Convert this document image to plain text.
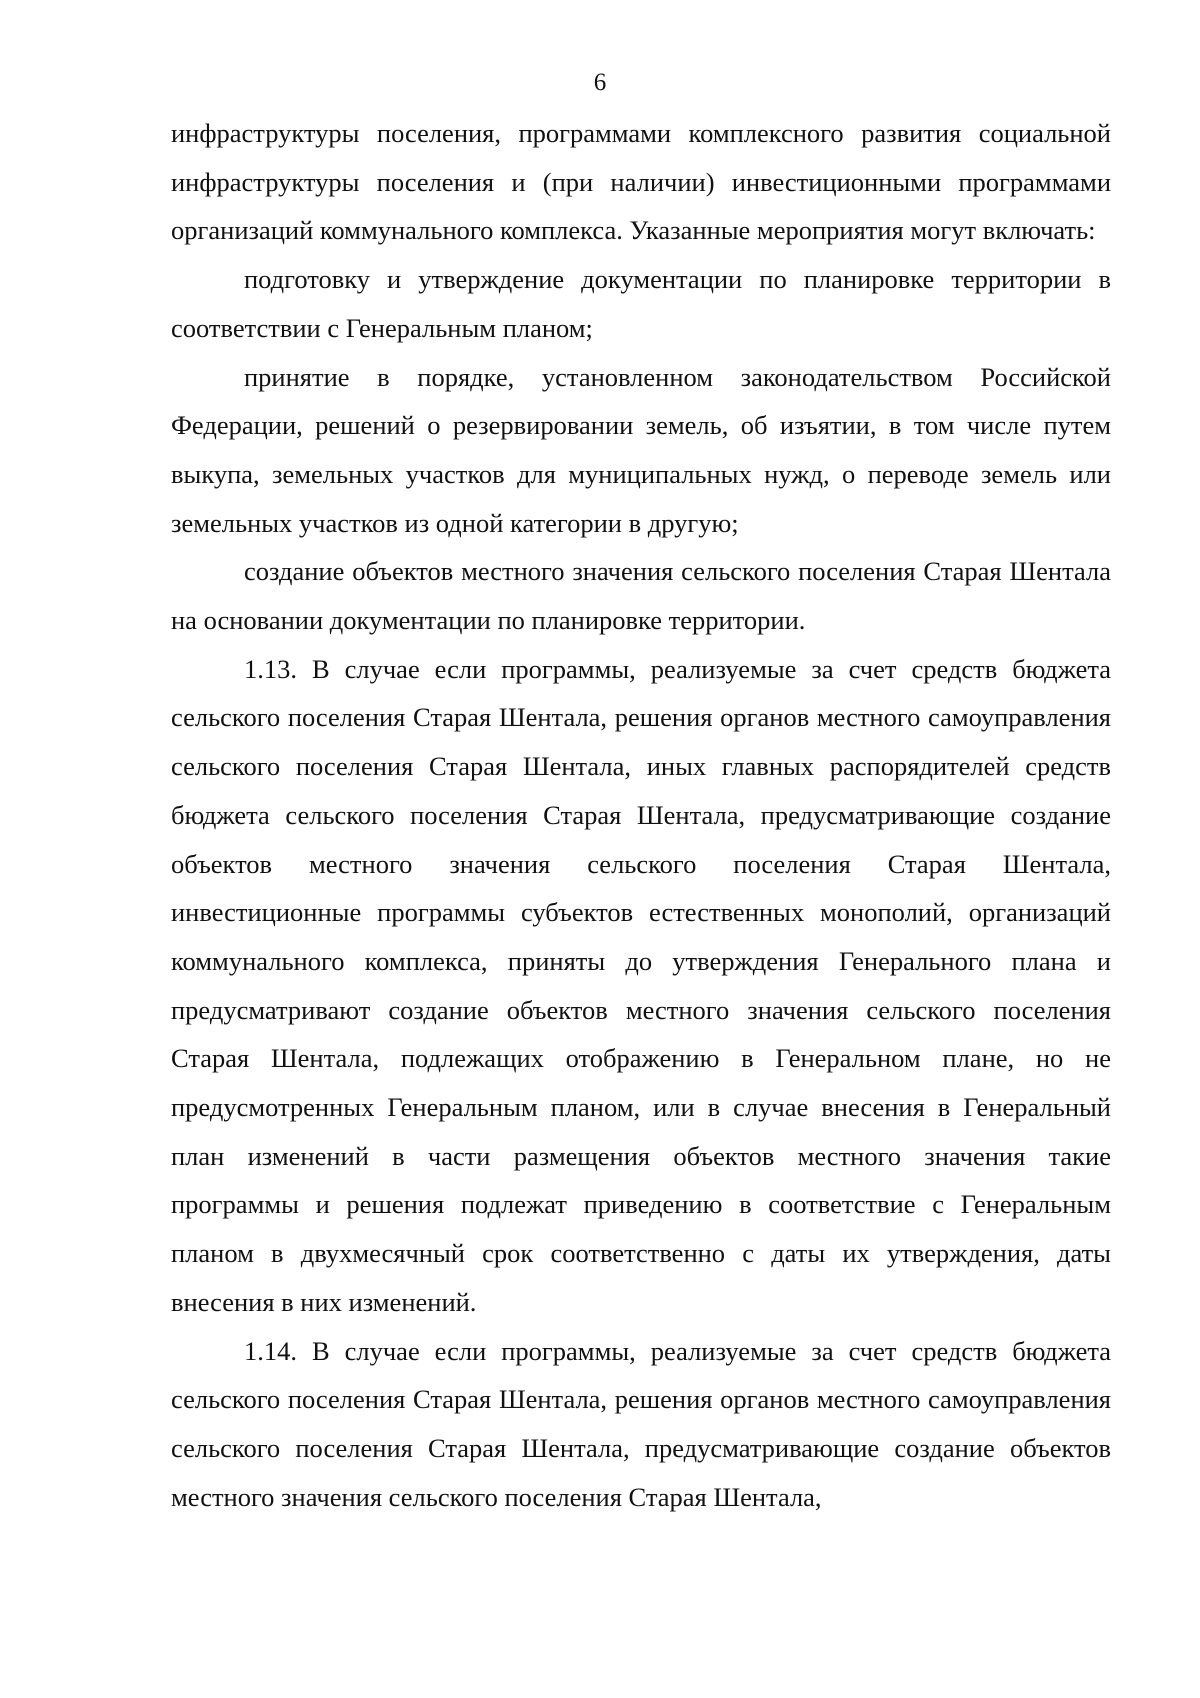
6

инфраструктуры поселения, программами комплексного развития социальной инфраструктуры поселения и (при наличии) инвестиционными программами организаций коммунального комплекса. Указанные мероприятия могут включать:

подготовку и утверждение документации по планировке территории в соответствии с Генеральным планом;

принятие в порядке, установленном законодательством Российской Федерации, решений о резервировании земель, об изъятии, в том числе путем выкупа, земельных участков для муниципальных нужд, о переводе земель или земельных участков из одной категории в другую;

создание объектов местного значения сельского поселения Старая Шентала на основании документации по планировке территории.

1.13. В случае если программы, реализуемые за счет средств бюджета сельского поселения Старая Шентала, решения органов местного самоуправления сельского поселения Старая Шентала, иных главных распорядителей средств бюджета сельского поселения Старая Шентала, предусматривающие создание объектов местного значения сельского поселения Старая Шентала, инвестиционные программы субъектов естественных монополий, организаций коммунального комплекса, приняты до утверждения Генерального плана и предусматривают создание объектов местного значения сельского поселения Старая Шентала, подлежащих отображению в Генеральном плане, но не предусмотренных Генеральным планом, или в случае внесения в Генеральный план изменений в части размещения объектов местного значения такие программы и решения подлежат приведению в соответствие с Генеральным планом в двухмесячный срок соответственно с даты их утверждения, даты внесения в них изменений.

1.14. В случае если программы, реализуемые за счет средств бюджета сельского поселения Старая Шентала, решения органов местного самоуправления сельского поселения Старая Шентала, предусматривающие создание объектов местного значения сельского поселения Старая Шентала,
